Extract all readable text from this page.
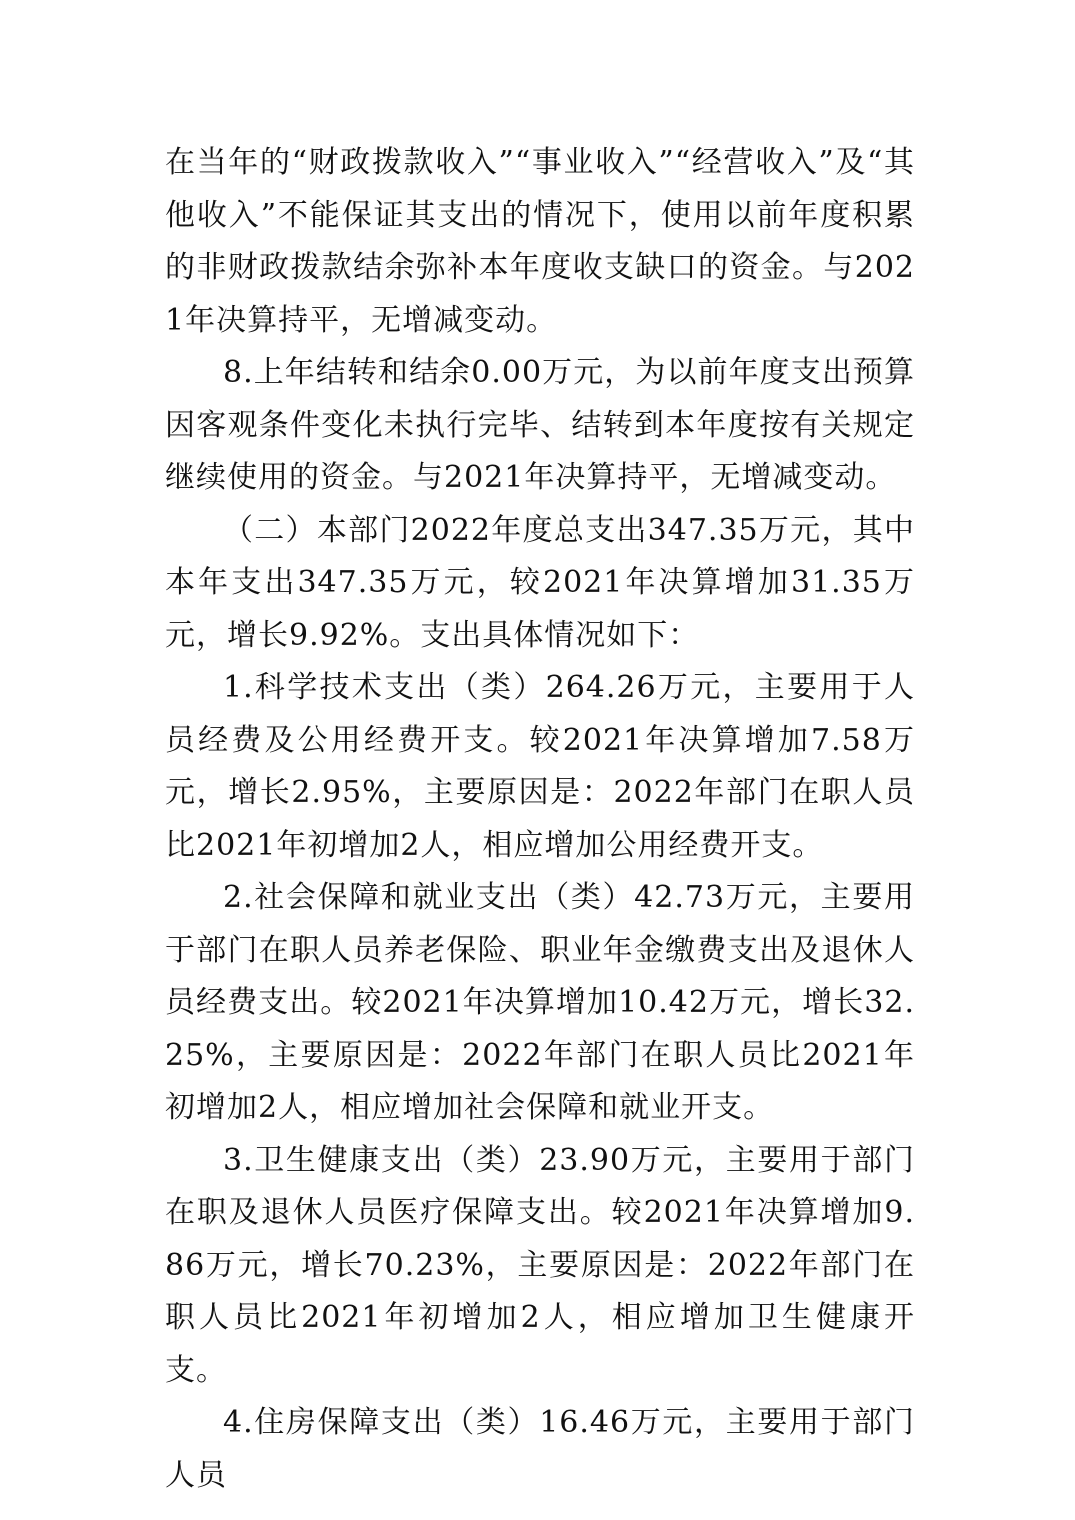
在当年的“财政拨款收入”“事业收入”“经营收入”及“其他收入”不能保证其支出的情况下，使用以前年度积累的非财政拨款结余弥补本年度收支缺口的资金。与2021年决算持平，无增减变动。

8.上年结转和结余0.00万元，为以前年度支出预算因客观条件变化未执行完毕、结转到本年度按有关规定继续使用的资金。与2021年决算持平，无增减变动。

（二）本部门2022年度总支出347.35万元，其中本年支出347.35万元，较2021年决算增加31.35万元，增长9.92%。支出具体情况如下：

1.科学技术支出（类）264.26万元，主要用于人员经费及公用经费开支。较2021年决算增加7.58万元，增长2.95%，主要原因是：2022年部门在职人员比2021年初增加2人，相应增加公用经费开支。

2.社会保障和就业支出（类）42.73万元，主要用于部门在职人员养老保险、职业年金缴费支出及退休人员经费支出。较2021年决算增加10.42万元，增长32.25%，主要原因是：2022年部门在职人员比2021年初增加2人，相应增加社会保障和就业开支。

3.卫生健康支出（类）23.90万元，主要用于部门在职及退休人员医疗保障支出。较2021年决算增加9.86万元，增长70.23%，主要原因是：2022年部门在职人员比2021年初增加2人，相应增加卫生健康开支。

4.住房保障支出（类）16.46万元，主要用于部门人员
